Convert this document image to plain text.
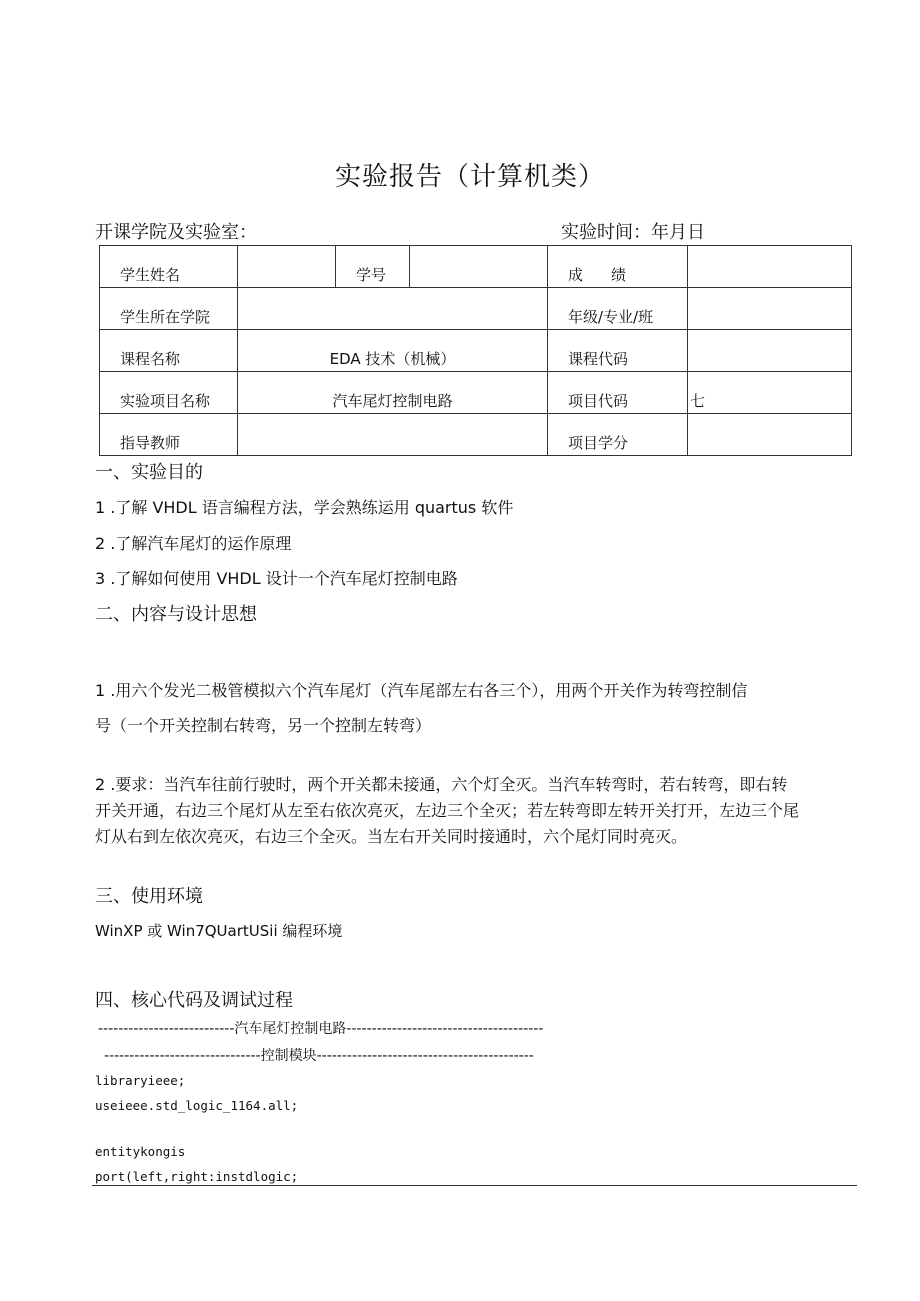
实验报告（计算机类）
开课学院及实验室：	实验时间：年月日
学生姓名		学号		成绩	
学生所在学院				年级/专业/班	
课程名称	EDA 技术（机械）			课程代码	
实验项目名称	汽车尾灯控制电路			项目代码	七
指导教师				项目学分	
一、实验目的
1 .了解 VHDL 语言编程方法，学会熟练运用 quartus 软件
2 .了解汽车尾灯的运作原理
3 .了解如何使用 VHDL 设计一个汽车尾灯控制电路
二、内容与设计思想
1 .用六个发光二极管模拟六个汽车尾灯（汽车尾部左右各三个），用两个开关作为转弯控制信
号（一个开关控制右转弯，另一个控制左转弯）
2 .要求：当汽车往前行驶时，两个开关都未接通，六个灯全灭。当汽车转弯时，若右转弯，即右转
开关开通，右边三个尾灯从左至右依次亮灭，左边三个全灭；若左转弯即左转开关打开，左边三个尾
灯从右到左依次亮灭，右边三个全灭。当左右开关同时接通时，六个尾灯同时亮灭。
三、使用环境
WinXP 或 Win7QUartUSii 编程环境
四、核心代码及调试过程
---------------------------汽车尾灯控制电路---------------------------------------
-------------------------------控制模块-------------------------------------------
libraryieee;
useieee.std_logic_1164.all;
entitykongis
port(left,right:instdlogic;
